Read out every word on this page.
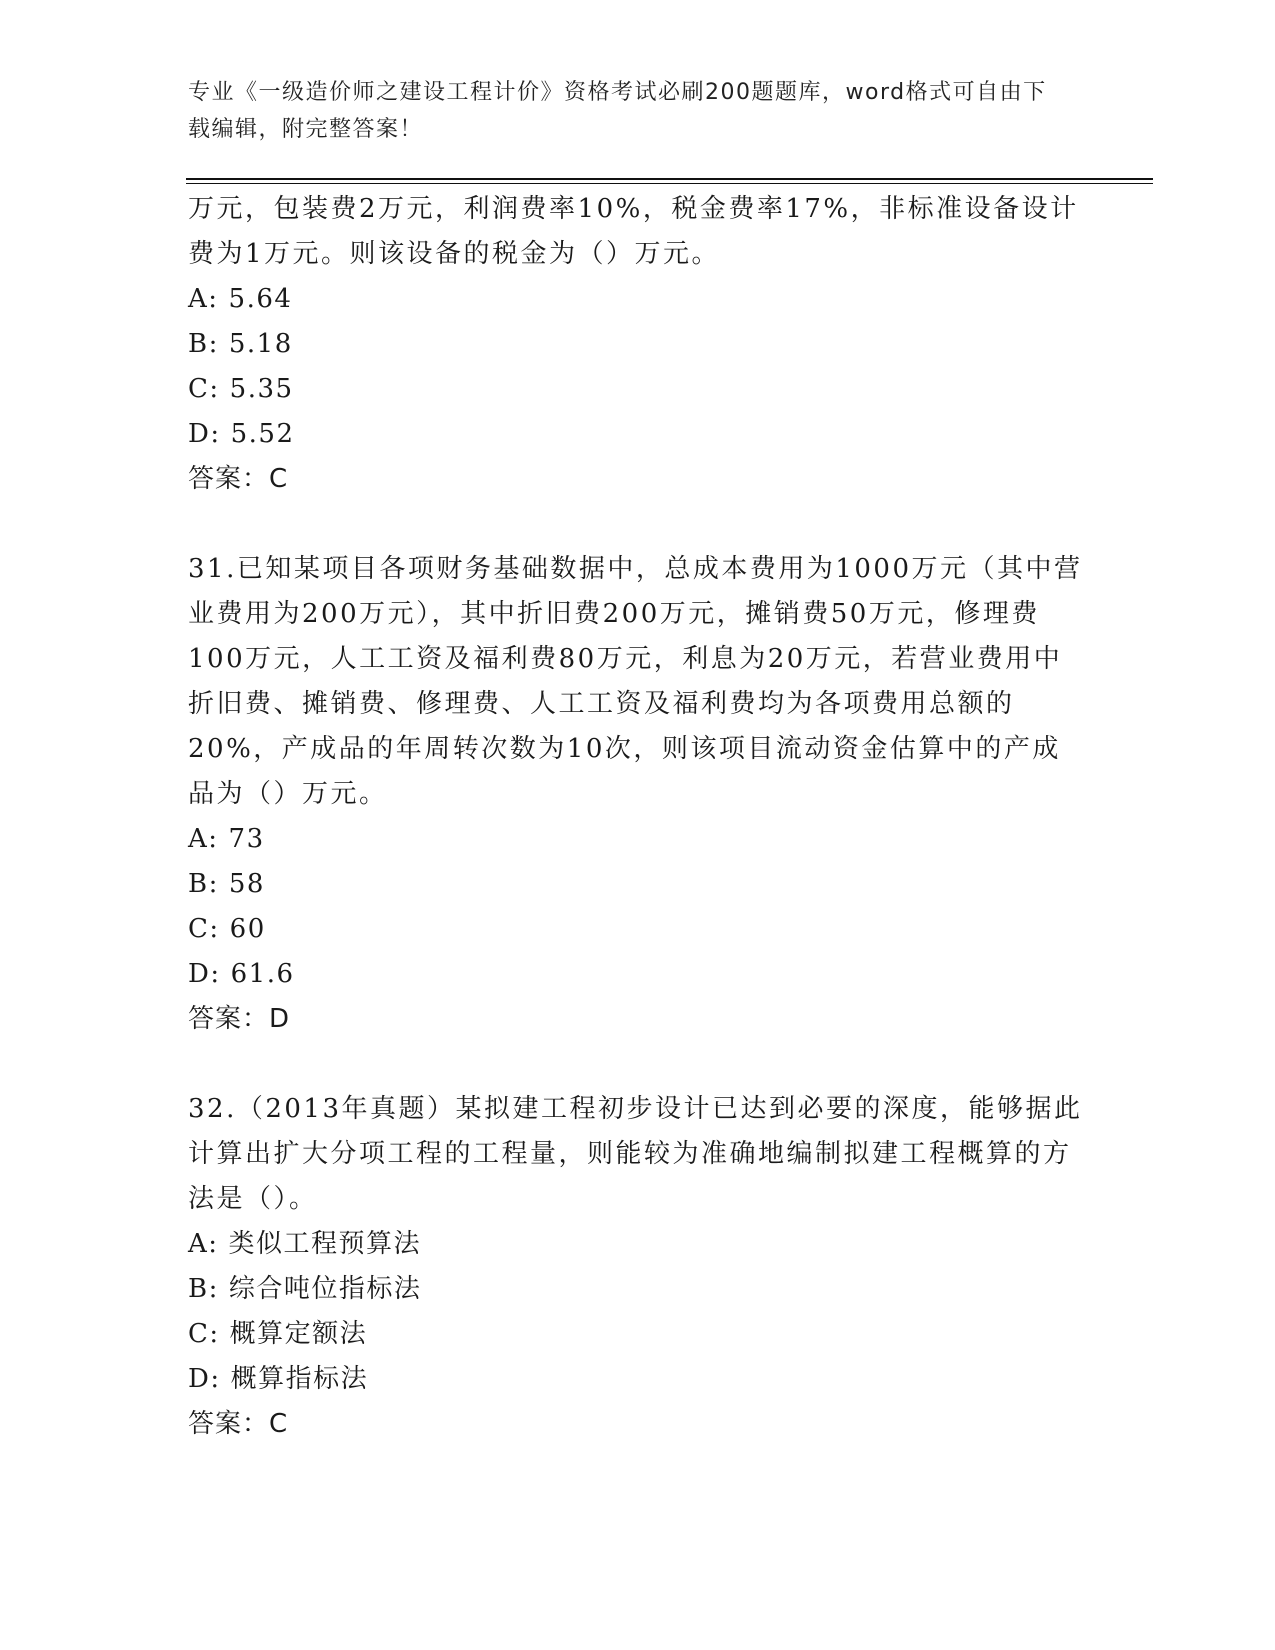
专业《一级造价师之建设工程计价》资格考试必刷200题题库，word格式可自由下载编辑，附完整答案！

万元，包装费2万元，利润费率10%，税金费率17%，非标准设备设计费为1万元。则该设备的税金为（）万元。

A: 5.64

B: 5.18

C: 5.35

D: 5.52

答案：C

31.已知某项目各项财务基础数据中，总成本费用为1000万元（其中营业费用为200万元），其中折旧费200万元，摊销费50万元，修理费100万元，人工工资及福利费80万元，利息为20万元，若营业费用中折旧费、摊销费、修理费、人工工资及福利费均为各项费用总额的20%，产成品的年周转次数为10次，则该项目流动资金估算中的产成品为（）万元。

A: 73

B: 58

C: 60

D: 61.6

答案：D

32.（2013年真题）某拟建工程初步设计已达到必要的深度，能够据此计算出扩大分项工程的工程量，则能较为准确地编制拟建工程概算的方法是（）。

A: 类似工程预算法

B: 综合吨位指标法

C: 概算定额法

D: 概算指标法

答案：C
